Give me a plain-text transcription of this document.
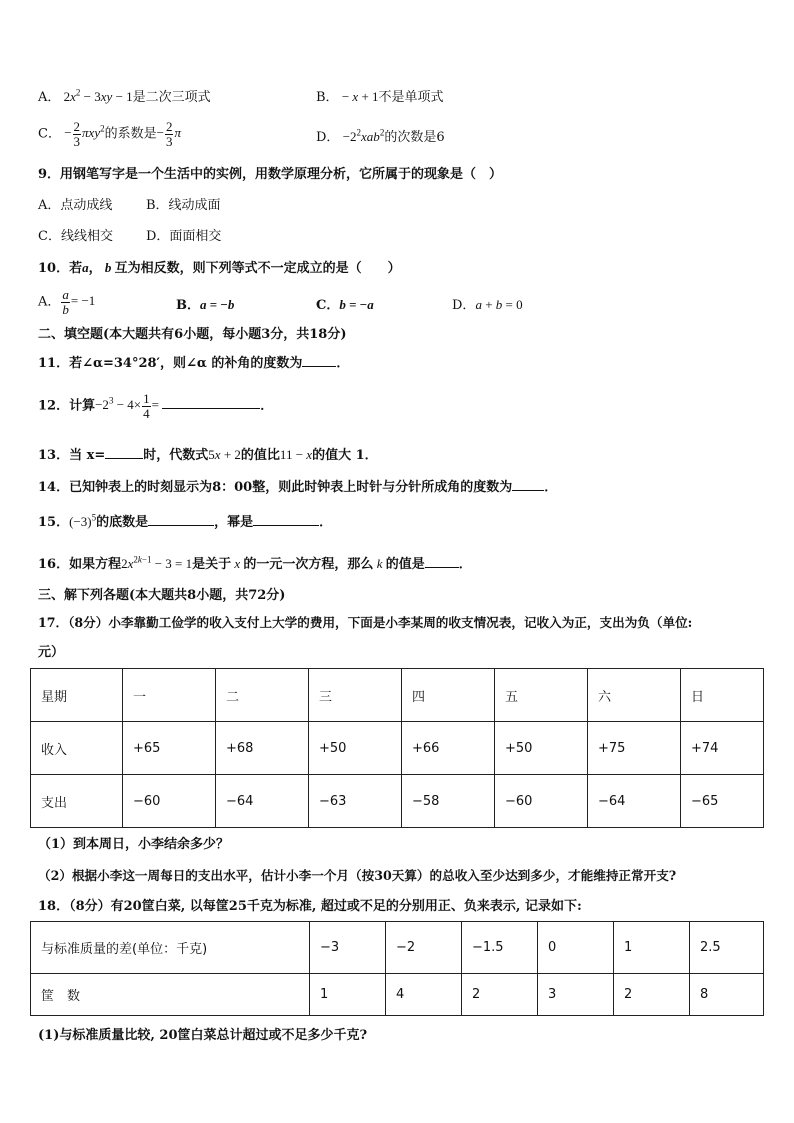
A． $2x^2 - 3xy - 1$是二次三项式	B． − x + 1不是单项式
C． − $\frac{2}{3} \pi xy^2$的系数是− $\frac{2}{3}$ π	D． $-2^2xab^2$的次数是6
9．用钢笔写字是一个生活中的实例，用数学原理分析，它所属于的现象是（　）
A．点动成线	B．线动成面
C．线线相交	D．面面相交
10．若a， b 互为相反数，则下列等式不一定成立的是（　　）
A． $\frac{a}{b} = -1$	B．a = −b	C．b = −a	D．a + b = 0
二、填空题(本大题共有6小题，每小题3分，共18分)
11．若∠α=34°28′，则∠α 的补角的度数为	．
12．计算$-2^3 - 4\times \frac{1}{4}$ =	．
13．当 x=	时，代数式5x + 2的值比11 − x的值大 1．
14．已知钟表上的时刻显示为8：00整，则此时钟表上时针与分针所成角的度数为 ．
15．$(-3)^5$的底数是	，幂是	．
16．如果方程$2x^{2k-1} - 3 = 1$是关于 x 的一元一次方程，那么 k 的值是	．
三、解下列各题(本大题共8小题，共72分)
17．（8分）小李靠勤工俭学的收入支付上大学的费用，下面是小李某周的收支情况表，记收入为正，支出为负（单位:
元）
星期	一	二	三	四	五	六	日
收入	+65	+68	+50	+66	+50	+75	+74
支出	−60	−64	−63	−58	−60	−64	−65
（1）到本周日，小李结余多少？
（2）根据小李这一周每日的支出水平，估计小李一个月（按30天算）的总收入至少达到多少，才能维持正常开支?
18．（8分）有20筐白菜, 以每筐25千克为标准, 超过或不足的分别用正、负来表示, 记录如下:
与标准质量的差(单位：千克)	−3	−2	−1.5	0	1	2.5
筐　数	1	4	2	3	2	8
(1)与标准质量比较, 20筐白菜总计超过或不足多少千克?
